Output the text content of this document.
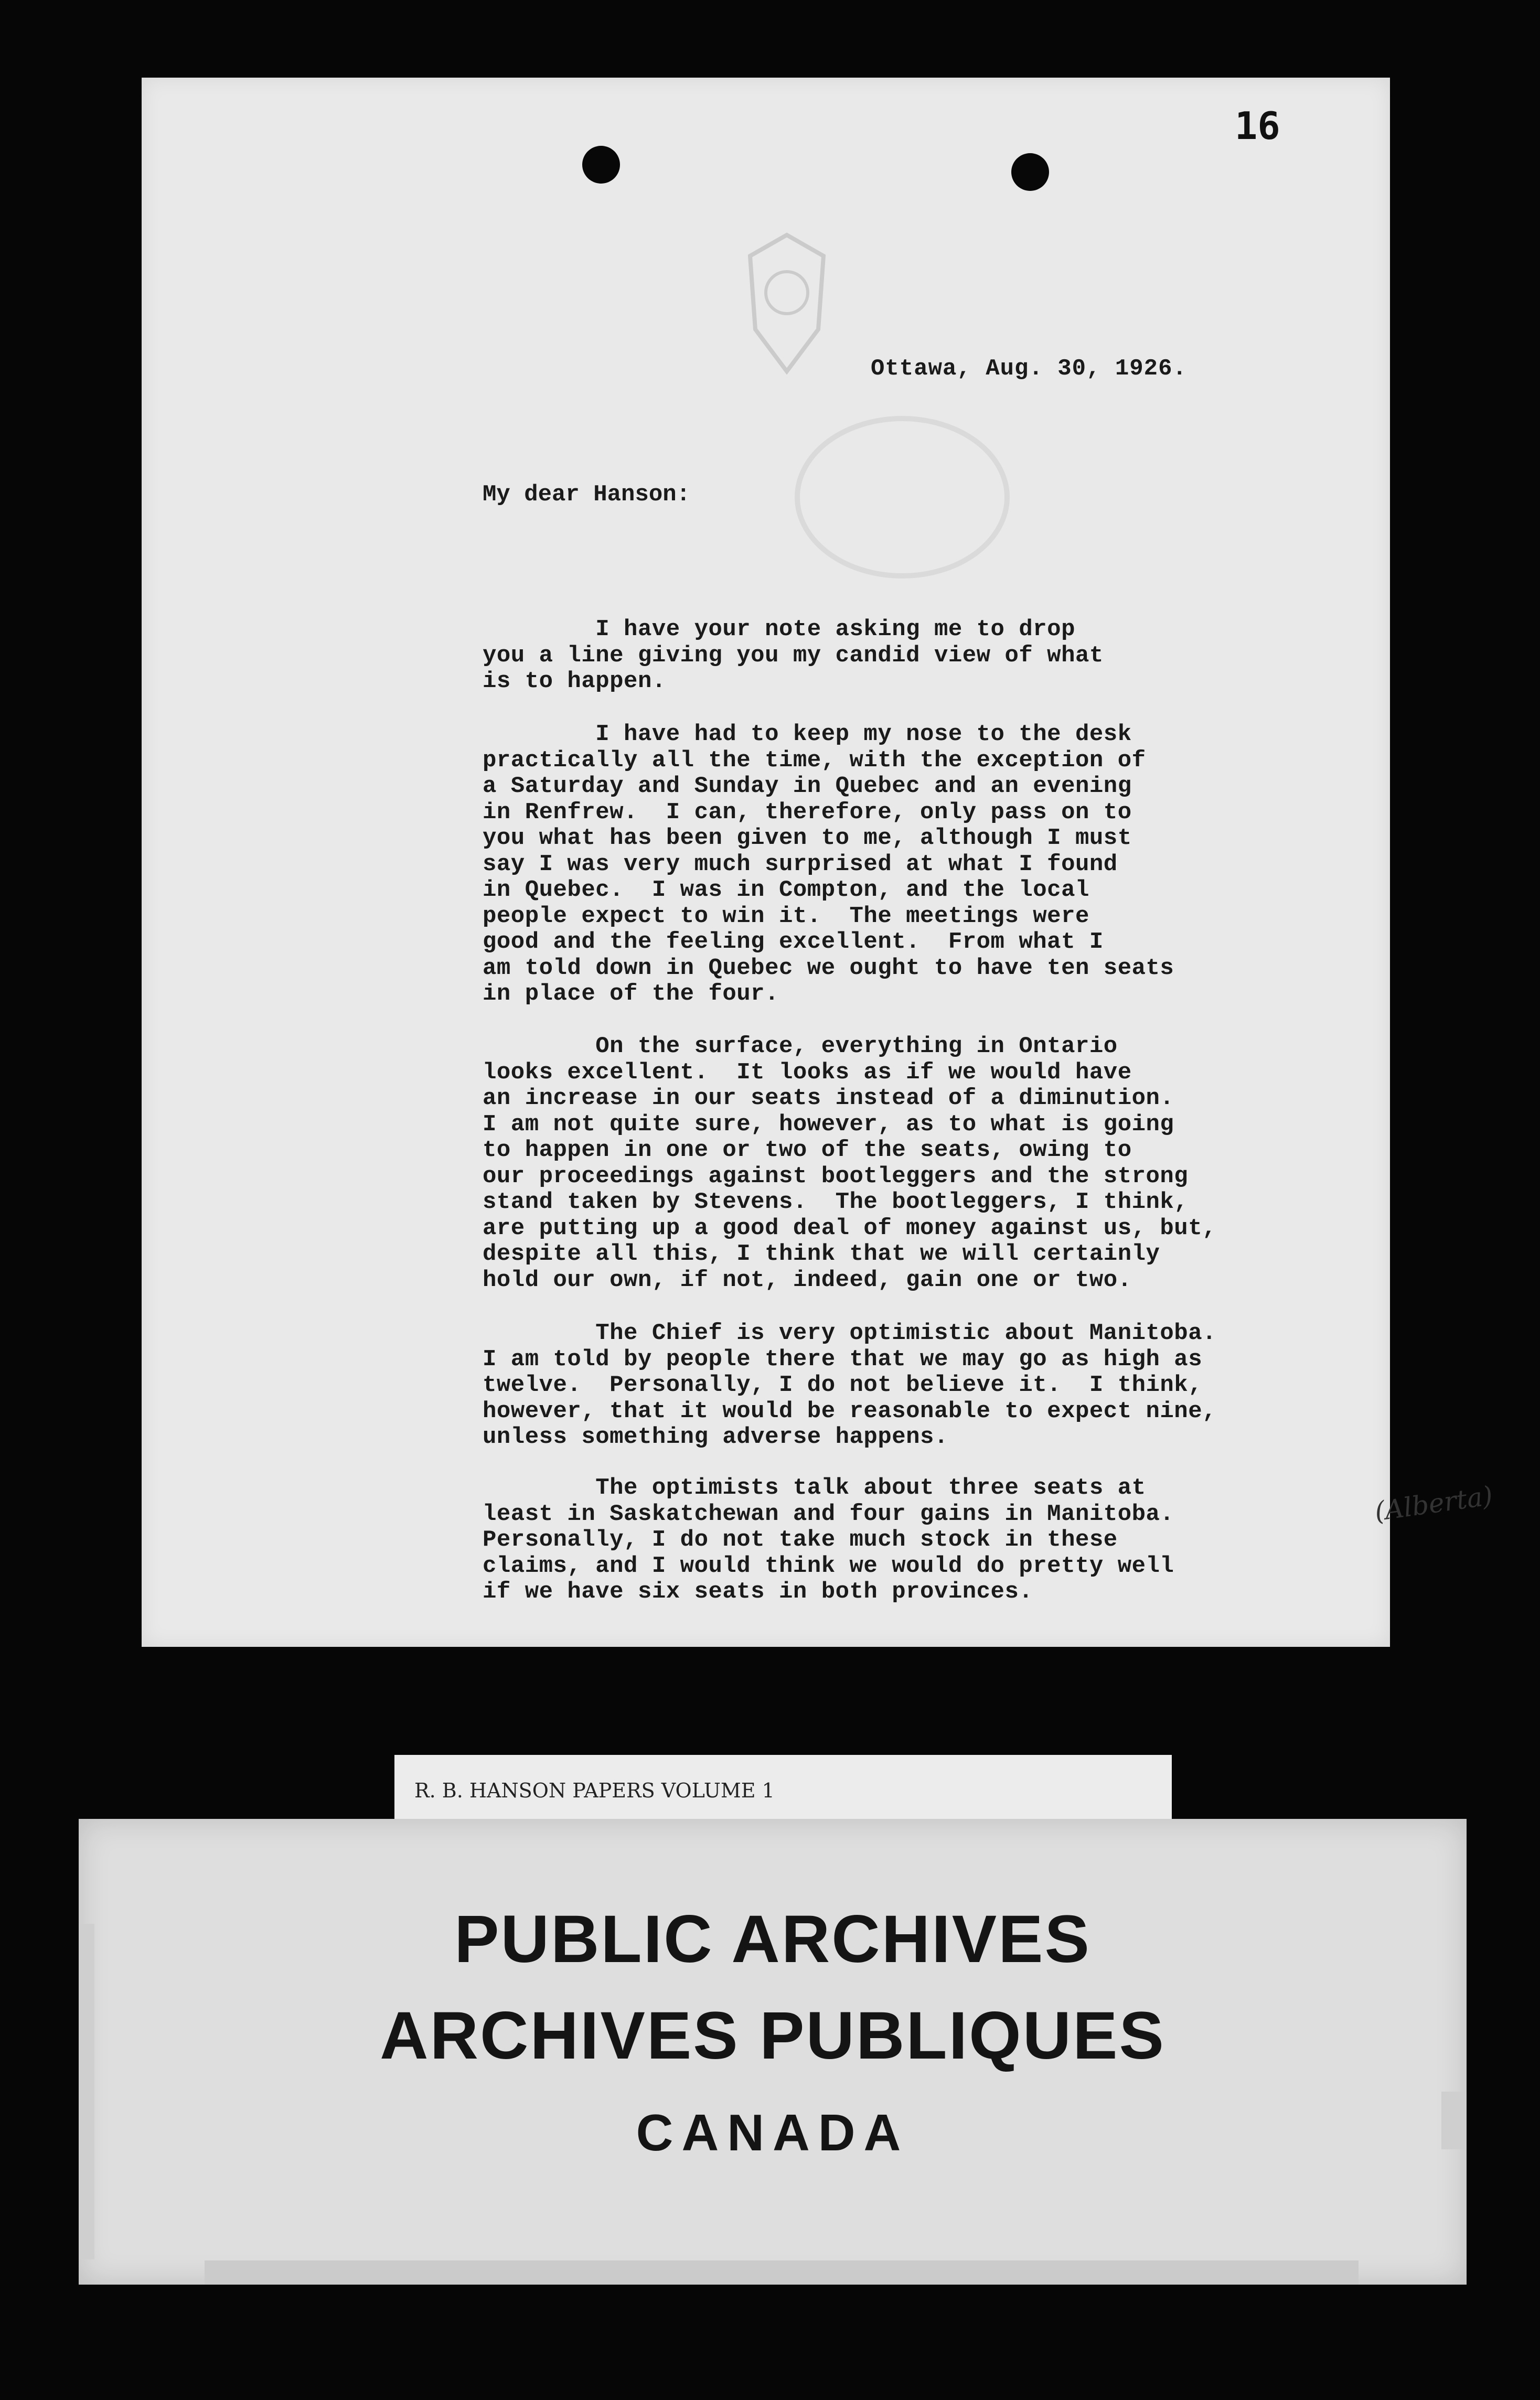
16
Ottawa, Aug. 30, 1926.
My dear Hanson:
I have your note asking me to drop
you a line giving you my candid view of what
is to happen.
I have had to keep my nose to the desk
practically all the time, with the exception of
a Saturday and Sunday in Quebec and an evening
in Renfrew.  I can, therefore, only pass on to
you what has been given to me, although I must
say I was very much surprised at what I found
in Quebec.  I was in Compton, and the local
people expect to win it.  The meetings were
good and the feeling excellent.  From what I
am told down in Quebec we ought to have ten seats
in place of the four.
On the surface, everything in Ontario
looks excellent.  It looks as if we would have
an increase in our seats instead of a diminution.
I am not quite sure, however, as to what is going
to happen in one or two of the seats, owing to
our proceedings against bootleggers and the strong
stand taken by Stevens.  The bootleggers, I think,
are putting up a good deal of money against us, but,
despite all this, I think that we will certainly
hold our own, if not, indeed, gain one or two.
The Chief is very optimistic about Manitoba.
I am told by people there that we may go as high as
twelve.  Personally, I do not believe it.  I think,
however, that it would be reasonable to expect nine,
unless something adverse happens.
The optimists talk about three seats at
least in Saskatchewan and four gains in Manitoba.
Personally, I do not take much stock in these
claims, and I would think we would do pretty well
if we have six seats in both provinces.
(Alberta)
R. B. HANSON PAPERS VOLUME 1

PUBLIC ARCHIVES

ARCHIVES PUBLIQUES

CANADA
